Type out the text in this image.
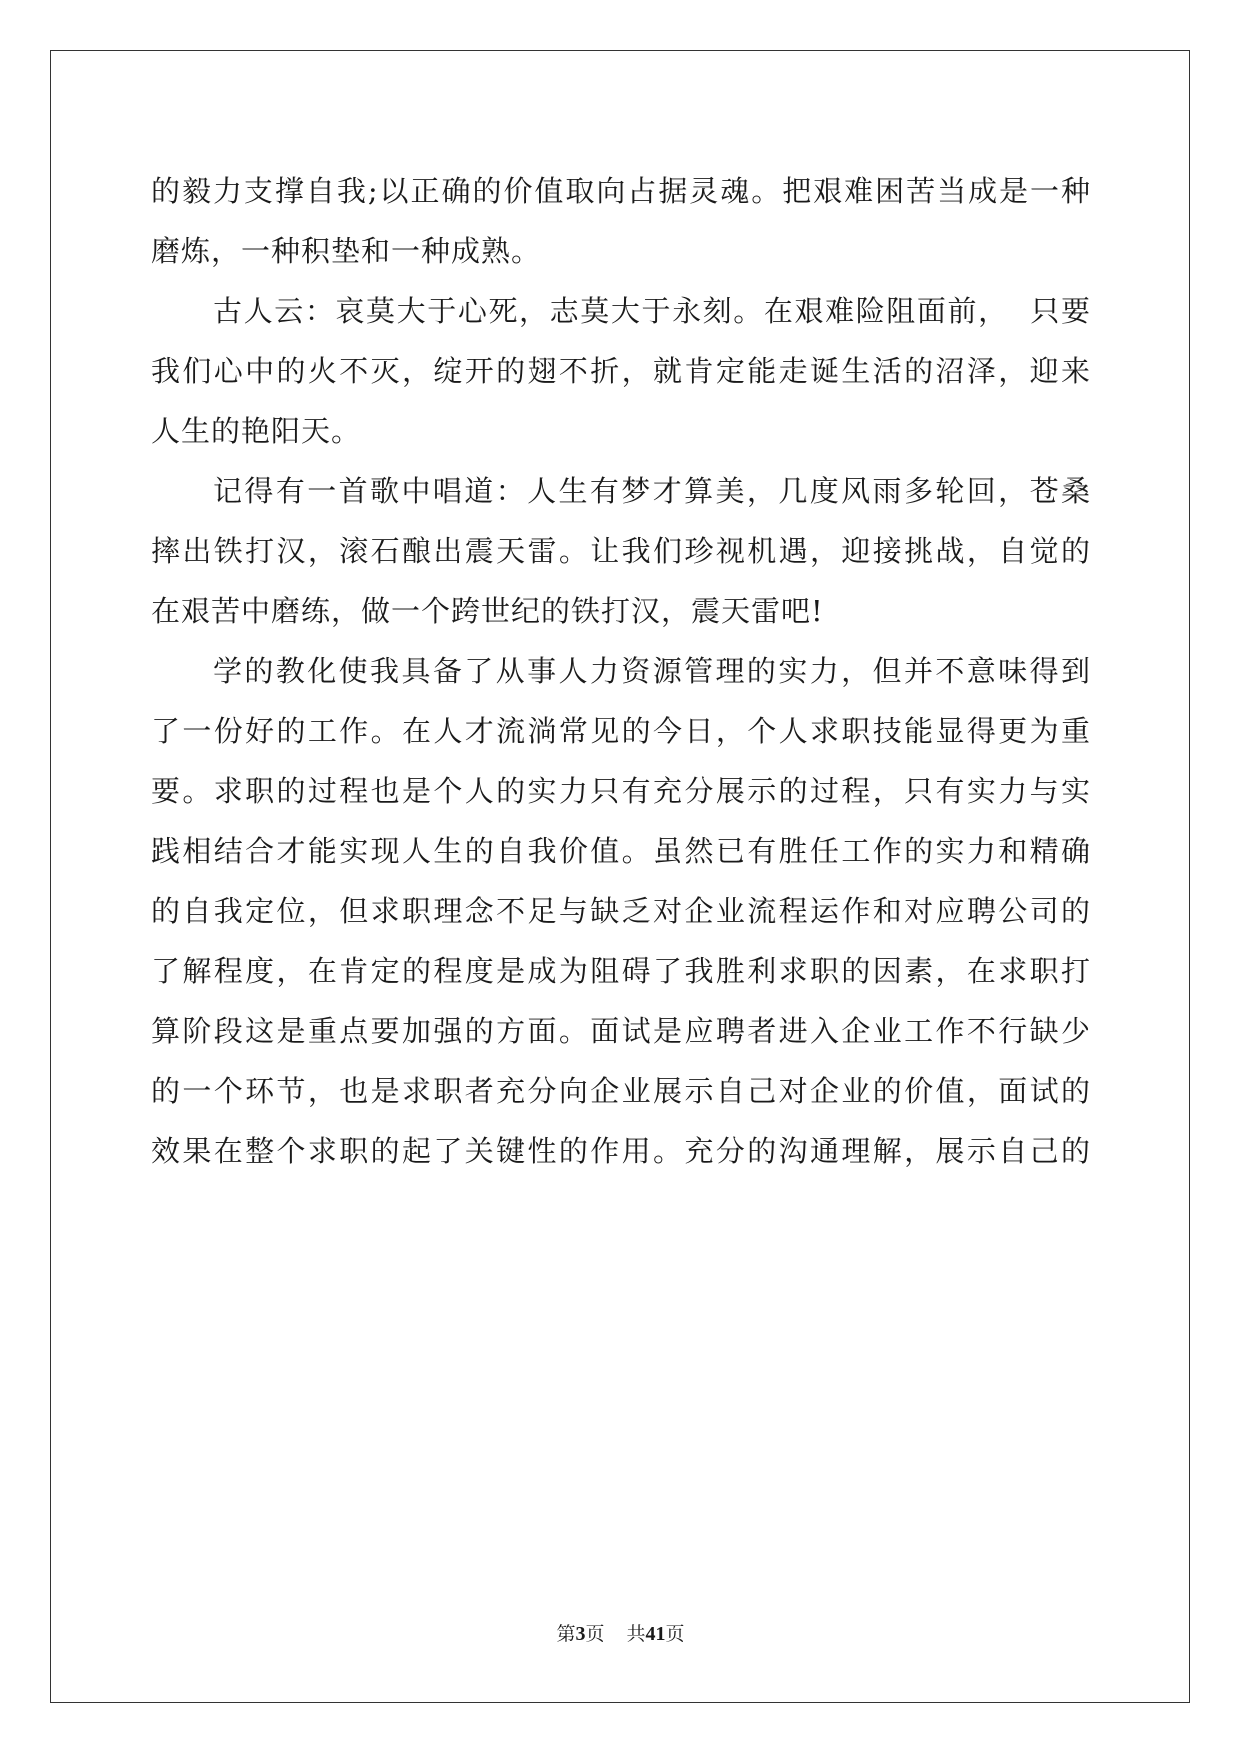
的毅力支撑自我;以正确的价值取向占据灵魂。把艰难困苦当成是一种
磨炼，一种积垫和一种成熟。
古人云：哀莫大于心死，志莫大于永刻。在艰难险阻面前，  只要
我们心中的火不灭，绽开的翅不折，就肯定能走诞生活的沼泽，迎来
人生的艳阳天。
记得有一首歌中唱道：人生有梦才算美，几度风雨多轮回，苍桑
摔出铁打汉，滚石酿出震天雷。让我们珍视机遇，迎接挑战，自觉的
在艰苦中磨练，做一个跨世纪的铁打汉，震天雷吧!
学的教化使我具备了从事人力资源管理的实力，但并不意味得到
了一份好的工作。在人才流淌常见的今日，个人求职技能显得更为重
要。求职的过程也是个人的实力只有充分展示的过程，只有实力与实
践相结合才能实现人生的自我价值。虽然已有胜任工作的实力和精确
的自我定位，但求职理念不足与缺乏对企业流程运作和对应聘公司的
了解程度，在肯定的程度是成为阻碍了我胜利求职的因素，在求职打
算阶段这是重点要加强的方面。面试是应聘者进入企业工作不行缺少
的一个环节，也是求职者充分向企业展示自己对企业的价值，面试的
效果在整个求职的起了关键性的作用。充分的沟通理解，展示自己的
第3页 共41页
